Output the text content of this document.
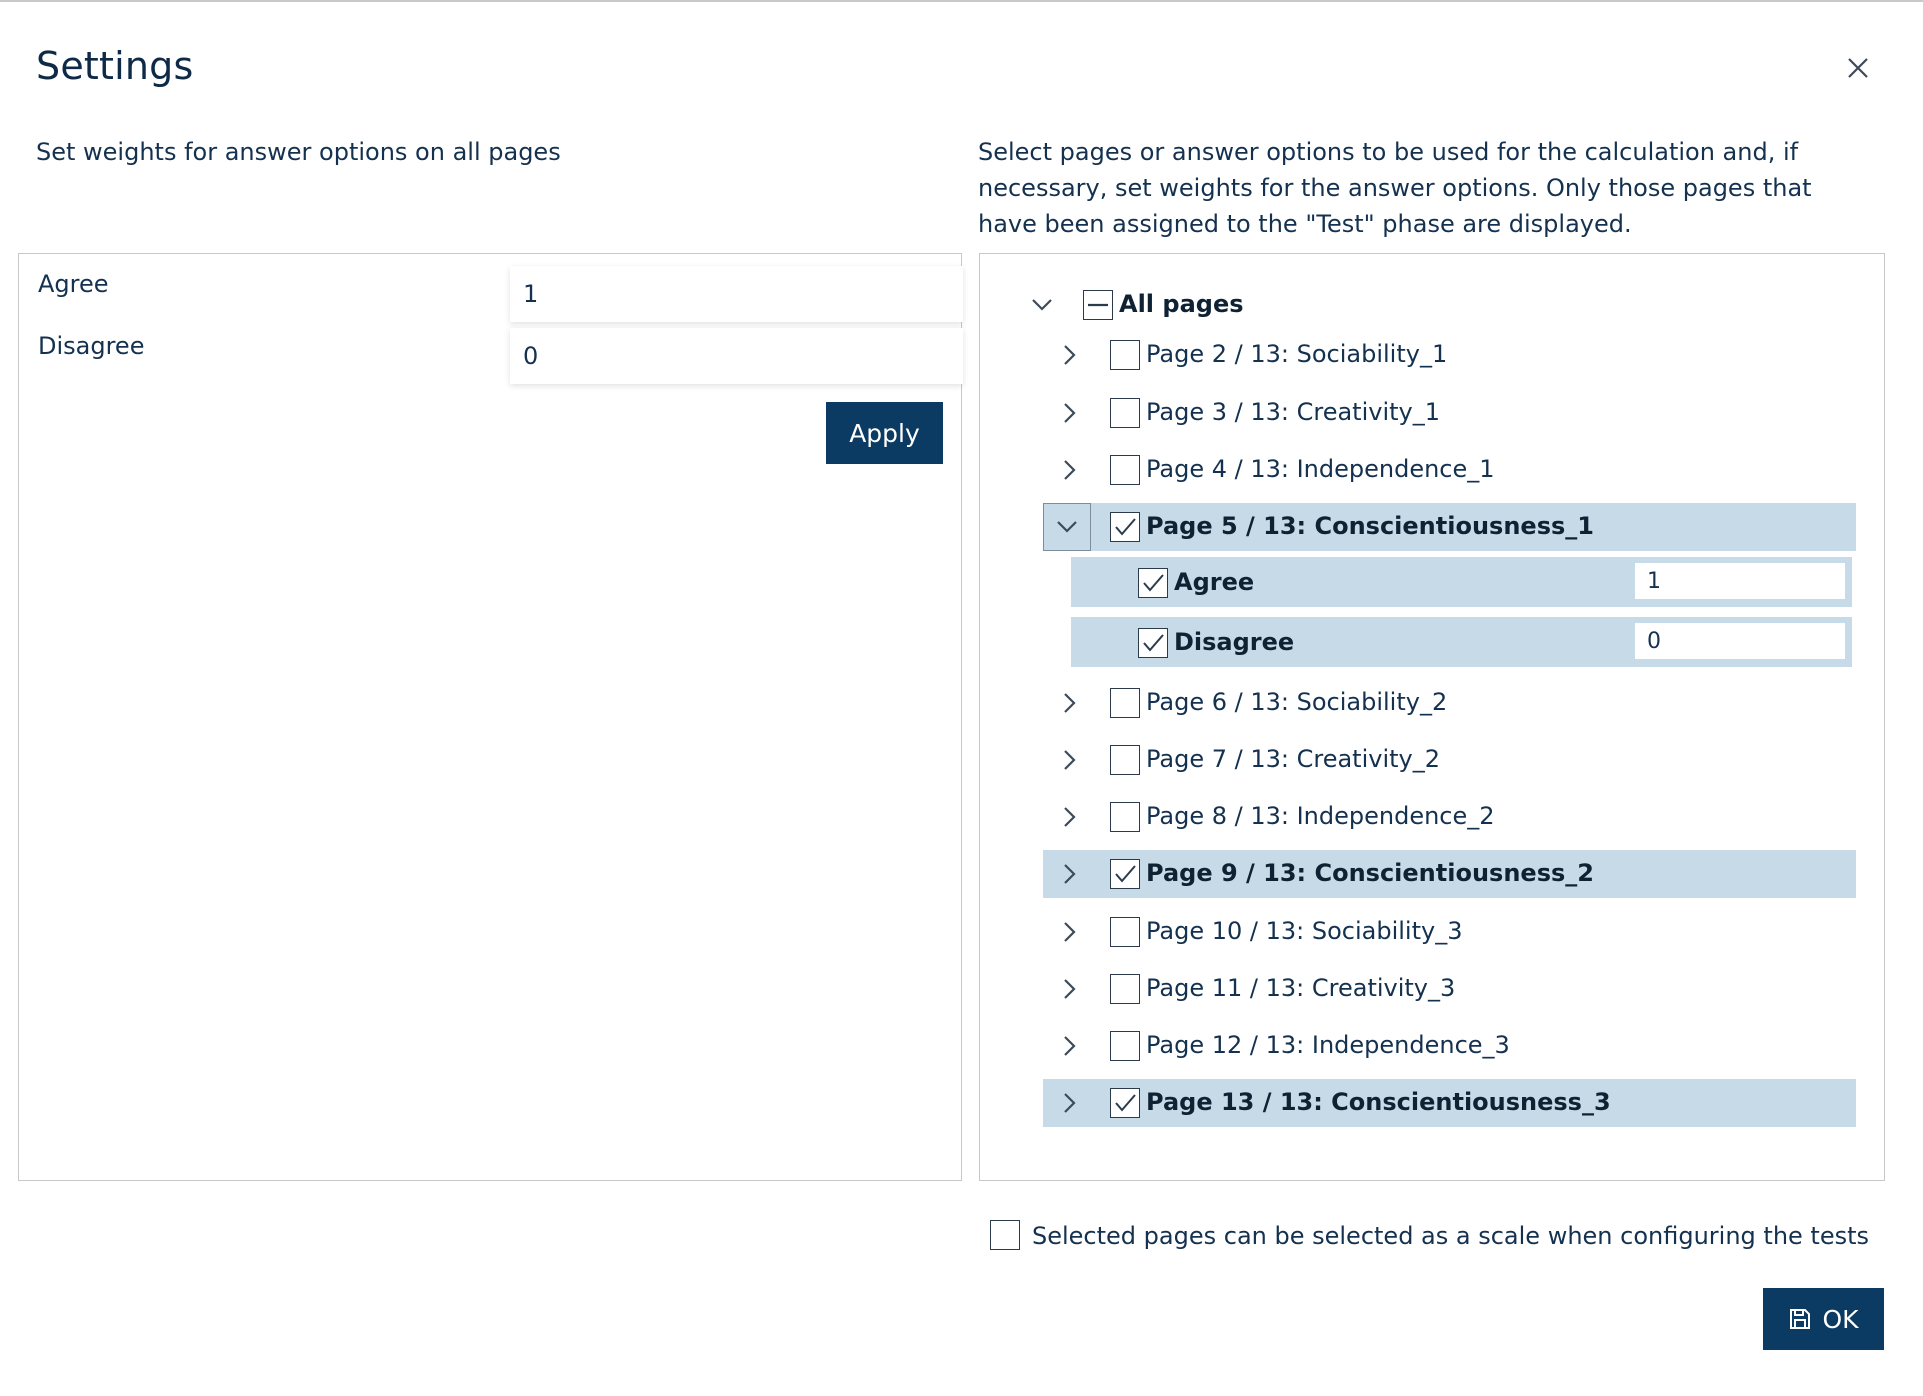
Settings
Set weights for answer options on all pages	Select pages or answer options to be used for the calculation and, if necessary, set weights for the answer options. Only those pages that have been assigned to the "Test" phase are displayed.
Agree
1
Disagree
0
Apply
All pages
Page 2 / 13: Sociability_1
Page 3 / 13: Creativity_1
Page 4 / 13: Independence_1
Page 5 / 13: Conscientiousness_1
Agree
1
Disagree
0
Page 6 / 13: Sociability_2
Page 7 / 13: Creativity_2
Page 8 / 13: Independence_2
Page 9 / 13: Conscientiousness_2
Page 10 / 13: Sociability_3
Page 11 / 13: Creativity_3
Page 12 / 13: Independence_3
Page 13 / 13: Conscientiousness_3
Selected pages can be selected as a scale when configuring the tests
OK
